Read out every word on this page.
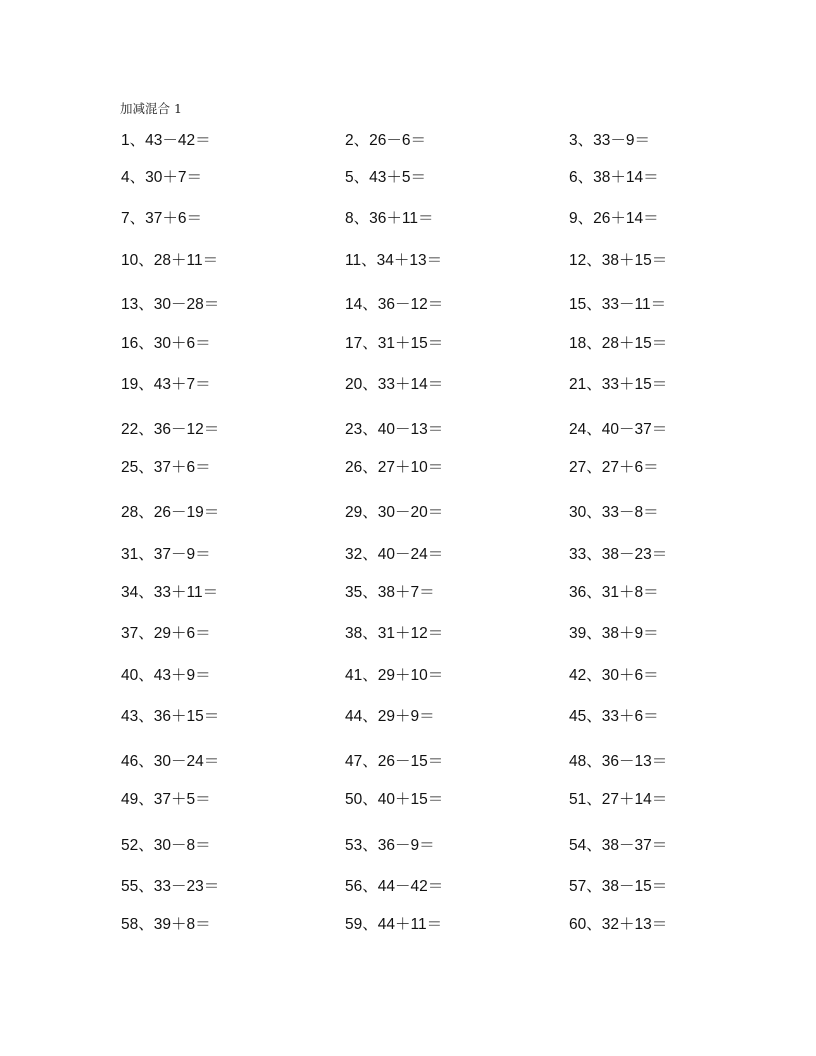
加减混合 1
1、43－42＝	2、26－6＝	3、33－9＝
4、30＋7＝	5、43＋5＝	6、38＋14＝
7、37＋6＝	8、36＋11＝	9、26＋14＝
10、28＋11＝	11、34＋13＝	12、38＋15＝
13、30－28＝	14、36－12＝	15、33－11＝
16、30＋6＝	17、31＋15＝	18、28＋15＝
19、43＋7＝	20、33＋14＝	21、33＋15＝
22、36－12＝	23、40－13＝	24、40－37＝
25、37＋6＝	26、27＋10＝	27、27＋6＝
28、26－19＝	29、30－20＝	30、33－8＝
31、37－9＝	32、40－24＝	33、38－23＝
34、33＋11＝	35、38＋7＝	36、31＋8＝
37、29＋6＝	38、31＋12＝	39、38＋9＝
40、43＋9＝	41、29＋10＝	42、30＋6＝
43、36＋15＝	44、29＋9＝	45、33＋6＝
46、30－24＝	47、26－15＝	48、36－13＝
49、37＋5＝	50、40＋15＝	51、27＋14＝
52、30－8＝	53、36－9＝	54、38－37＝
55、33－23＝	56、44－42＝	57、38－15＝
58、39＋8＝	59、44＋11＝	60、32＋13＝
